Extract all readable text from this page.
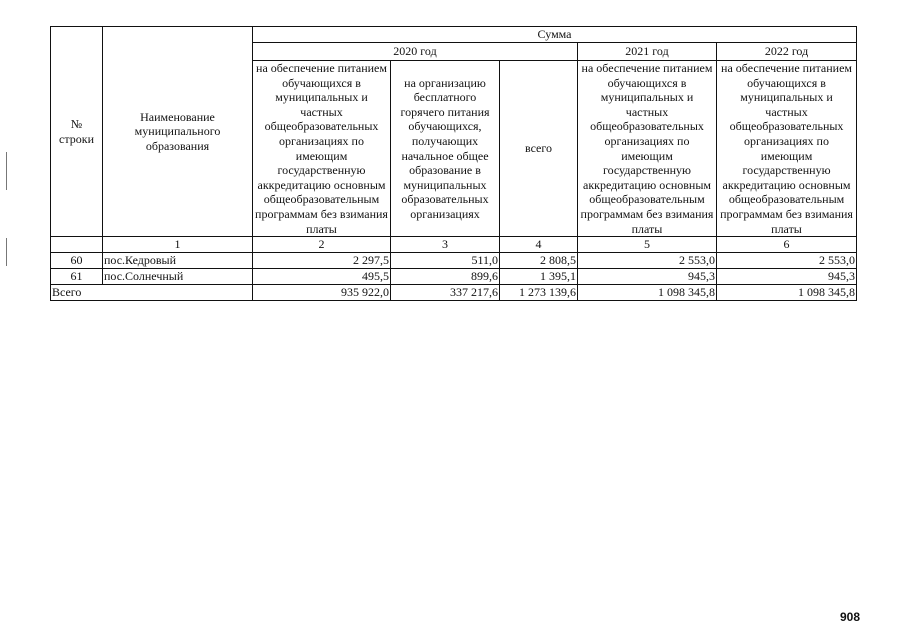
№ строки	Наименование муниципального образования	Сумма				
		2020 год			2021 год	2022 год
		на обеспечение питанием обучающихся в муниципальных и частных общеобразовательных организациях по имеющим государственную аккредитацию основным общеобразовательным программам без взимания платы	на организацию бесплатного горячего питания обучающихся, получающих начальное общее образование в муниципальных образовательных организациях	всего	на обеспечение питанием обучающихся в муниципальных и частных общеобразовательных организациях по имеющим государственную аккредитацию основным общеобразовательным программам без взимания платы	на обеспечение питанием обучающихся в муниципальных и частных общеобразовательных организациях по имеющим государственную аккредитацию основным общеобразовательным программам без взимания платы
	1	2	3	4	5	6
60	пос.Кедровый	2 297,5	511,0	2 808,5	2 553,0	2 553,0
61	пос.Солнечный	495,5	899,6	1 395,1	945,3	945,3
Всего		935 922,0	337 217,6	1 273 139,6	1 098 345,8	1 098 345,8
908
